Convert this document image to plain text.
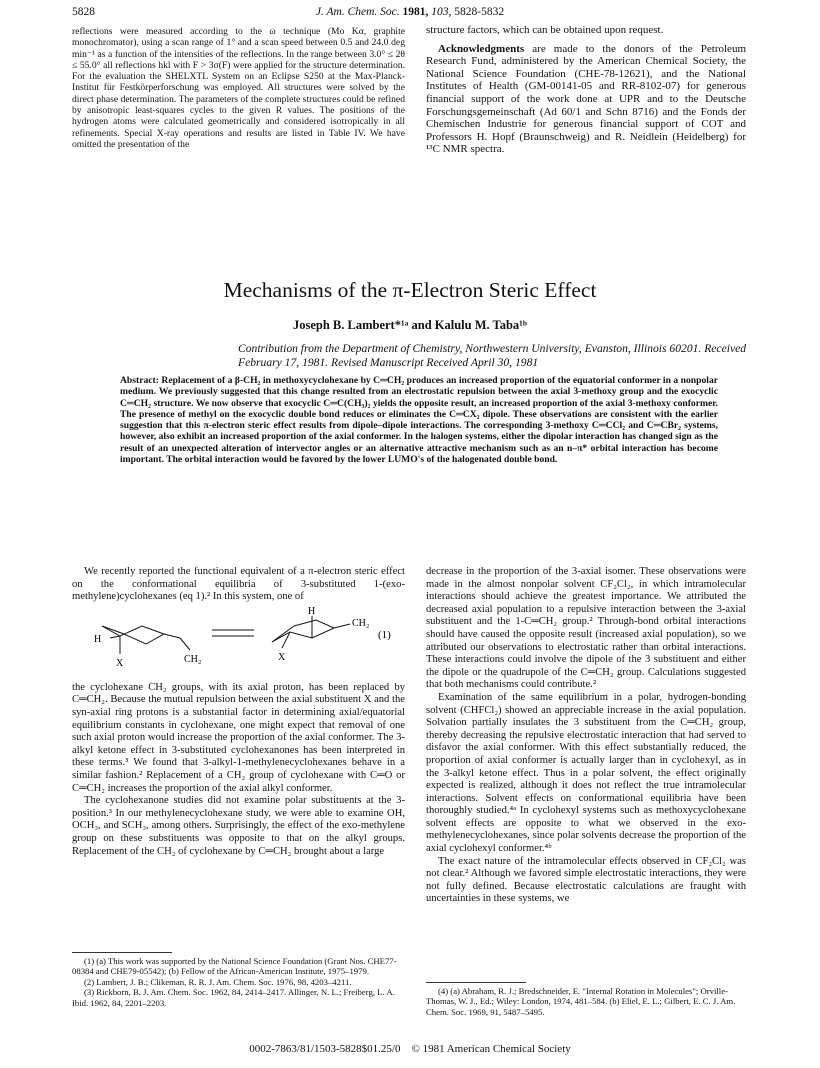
5828	J. Am. Chem. Soc. 1981, 103, 5828-5832

reflections were measured according to the ω technique (Mo Kα, graphite monochromator), using a scan range of 1° and a scan speed between 0.5 and 24.0 deg min⁻¹ as a function of the intensities of the reflections. In the range between 3.0° ≤ 2θ ≤ 55.0° all reflections hkl with F > 3σ(F) were applied for the structure determination. For the evaluation the SHELXTL System on an Eclipse S250 at the Max-Planck-Institut für Festkörperforschung was employed. All structures were solved by the direct phase determination. The parameters of the complete structures could be refined by anisotropic least-squares cycles to the given R values. The positions of the hydrogen atoms were calculated geometrically and considered isotropically in all refinements. Special X-ray operations and results are listed in Table IV. We have omitted the presentation of the

structure factors, which can be obtained upon request.

Acknowledgments are made to the donors of the Petroleum Research Fund, administered by the American Chemical Society, the National Science Foundation (CHE-78-12621), and the National Institutes of Health (GM-00141-05 and RR-8102-07) for generous financial support of the work done at UPR and to the Deutsche Forschungsgemeinschaft (Ad 60/1 and Schn 8716) and the Fonds der Chemischen Industrie for generous financial support of COT and Professors H. Hopf (Braunschweig) and R. Neidlein (Heidelberg) for ¹³C NMR spectra.

Mechanisms of the π-Electron Steric Effect
Joseph B. Lambert*¹ᵃ and Kalulu M. Taba¹ᵇ
Contribution from the Department of Chemistry, Northwestern University, Evanston, Illinois 60201. Received February 17, 1981. Revised Manuscript Received April 30, 1981
Abstract: Replacement of a β-CH₂ in methoxycyclohexane by C═CH₂ produces an increased proportion of the equatorial conformer in a nonpolar medium. We previously suggested that this change resulted from an electrostatic repulsion between the axial 3-methoxy group and the exocyclic C═CH₂ structure. We now observe that exocyclic C═C(CH₃)₂ yields the opposite result, an increased proportion of the axial 3-methoxy conformer. The presence of methyl on the exocyclic double bond reduces or eliminates the C═CX₂ dipole. These observations are consistent with the earlier suggestion that this π-electron steric effect results from dipole–dipole interactions. The corresponding 3-methoxy C═CCl₂ and C═CBr₂ systems, however, also exhibit an increased proportion of the axial conformer. In the halogen systems, either the dipolar interaction has changed sign as the result of an unexpected alteration of intervector angles or an alternative attractive mechanism such as an n–π* orbital interaction has become important. The orbital interaction would be favored by the lower LUMO's of the halogenated double bond.

We recently reported the functional equivalent of a π-electron steric effect on the conformational equilibria of 3-substituted 1-(exo-methylene)cyclohexanes (eq 1).² In this system, one of

H
X	CH₂
H
X
CH₂
(1)

the cyclohexane CH₂ groups, with its axial proton, has been replaced by C═CH₂. Because the mutual repulsion between the axial substituent X and the syn-axial ring protons is a substantial factor in determining axial/equatorial equilibrium constants in cyclohexane, one might expect that removal of one such axial proton would increase the proportion of the axial conformer. The 3-alkyl ketone effect in 3-substituted cyclohexanones has been interpreted in these terms.³ We found that 3-alkyl-1-methylenecyclohexanes behave in a similar fashion.² Replacement of a CH₂ group of cyclohexane with C═O or C═CH₂ increases the proportion of the axial alkyl conformer.

The cyclohexanone studies did not examine polar substituents at the 3-position.³ In our methylenecyclohexane study, we were able to examine OH, OCH₃, and SCH₃, among others. Surprisingly, the effect of the exo-methylene group on these substituents was opposite to that on the alkyl groups. Replacement of the CH₂ of cyclohexane by C═CH₂ brought about a large

decrease in the proportion of the 3-axial isomer. These observations were made in the almost nonpolar solvent CF₂Cl₂, in which intramolecular interactions should achieve the greatest importance. We attributed the decreased axial population to a repulsive interaction between the 3-axial substituent and the 1-C═CH₂ group.² Through-bond orbital interactions should have caused the opposite result (increased axial population), so we attributed our observations to electrostatic rather than orbital interactions. These interactions could involve the dipole of the 3 substituent and either the dipole or the quadrupole of the C═CH₂ group. Calculations suggested that both mechanisms could contribute.²

Examination of the same equilibrium in a polar, hydrogen-bonding solvent (CHFCl₂) showed an appreciable increase in the axial population. Solvation partially insulates the 3 substituent from the C═CH₂ group, thereby decreasing the repulsive electrostatic interaction that had served to disfavor the axial conformer. With this effect substantially reduced, the proportion of axial conformer is actually larger than in cyclohexyl, as in the 3-alkyl ketone effect. Thus in a polar solvent, the effect originally expected is realized, although it does not reflect the true intramolecular interactions. Solvent effects on conformational equilibria have been thoroughly studied.⁴ᵃ In cyclohexyl systems such as methoxycyclohexane solvent effects are opposite to what we observed in the exo-methylenecyclohexanes, since polar solvents decrease the proportion of the axial cyclohexyl conformer.⁴ᵇ

The exact nature of the intramolecular effects observed in CF₂Cl₂ was not clear.² Although we favored simple electrostatic interactions, they were not fully defined. Because electrostatic calculations are fraught with uncertainties in these systems, we

(1) (a) This work was supported by the National Science Foundation (Grant Nos. CHE77-08384 and CHE79-05542); (b) Fellow of the African-American Institute, 1975–1979.

(2) Lambert, J. B.; Clikeman, R. R. J. Am. Chem. Soc. 1976, 98, 4203–4211.

(3) Rickborn, B. J. Am. Chem. Soc. 1962, 84, 2414–2417. Allinger, N. L.; Freiberg, L. A. Ibid. 1962, 84, 2201–2203.

(4) (a) Abraham, R. J.; Bredschneider, E. "Internal Rotation in Molecules"; Orville-Thomas, W. J., Ed.; Wiley: London, 1974, 481–584. (b) Eliel, E. L.; Gilbert, E. C. J. Am. Chem. Soc. 1969, 91, 5487–5495.

0002-7863/81/1503-5828$01.25/0 © 1981 American Chemical Society
